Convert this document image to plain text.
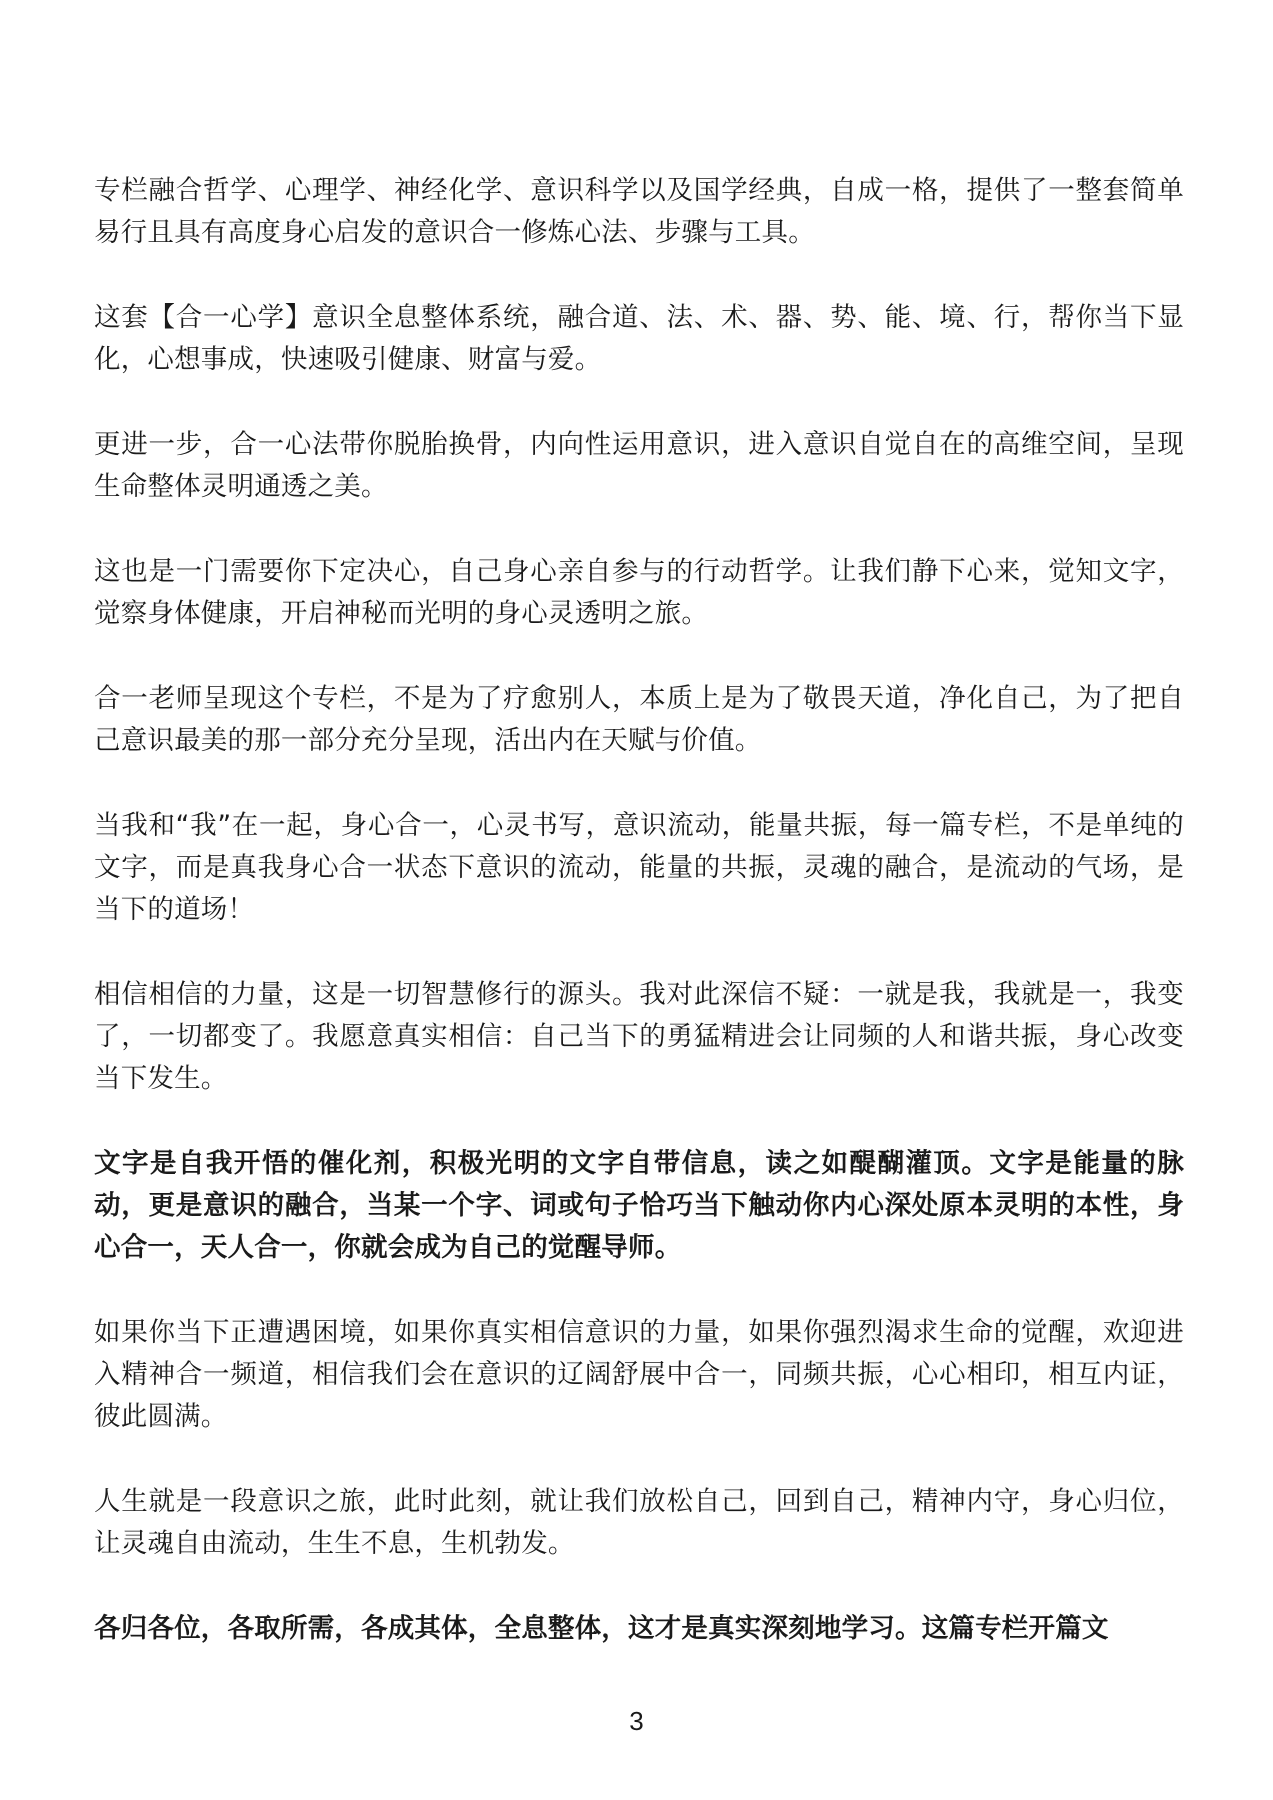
专栏融合哲学、心理学、神经化学、意识科学以及国学经典，自成一格，提供了一整套简单易行且具有高度身心启发的意识合一修炼心法、步骤与工具。

这套【合一心学】意识全息整体系统，融合道、法、术、器、势、能、境、行，帮你当下显化，心想事成，快速吸引健康、财富与爱。

更进一步，合一心法带你脱胎换骨，内向性运用意识，进入意识自觉自在的高维空间，呈现生命整体灵明通透之美。

这也是一门需要你下定决心，自己身心亲自参与的行动哲学。让我们静下心来，觉知文字，觉察身体健康，开启神秘而光明的身心灵透明之旅。

合一老师呈现这个专栏，不是为了疗愈别人，本质上是为了敬畏天道，净化自己，为了把自己意识最美的那一部分充分呈现，活出内在天赋与价值。

当我和“我”在一起，身心合一，心灵书写，意识流动，能量共振，每一篇专栏，不是单纯的文字，而是真我身心合一状态下意识的流动，能量的共振，灵魂的融合，是流动的气场，是当下的道场！

相信相信的力量，这是一切智慧修行的源头。我对此深信不疑：一就是我，我就是一，我变了，一切都变了。我愿意真实相信：自己当下的勇猛精进会让同频的人和谐共振，身心改变当下发生。

文字是自我开悟的催化剂，积极光明的文字自带信息，读之如醍醐灌顶。文字是能量的脉动，更是意识的融合，当某一个字、词或句子恰巧当下触动你内心深处原本灵明的本性，身心合一，天人合一，你就会成为自己的觉醒导师。

如果你当下正遭遇困境，如果你真实相信意识的力量，如果你强烈渴求生命的觉醒，欢迎进入精神合一频道，相信我们会在意识的辽阔舒展中合一，同频共振，心心相印，相互内证，彼此圆满。

人生就是一段意识之旅，此时此刻，就让我们放松自己，回到自己，精神内守，身心归位，让灵魂自由流动，生生不息，生机勃发。

各归各位，各取所需，各成其体，全息整体，这才是真实深刻地学习。这篇专栏开篇文

3
